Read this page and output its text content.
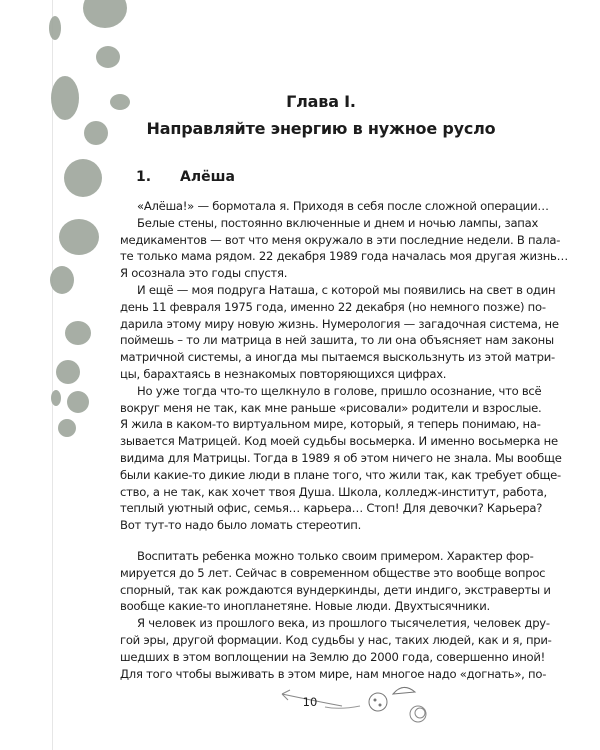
Глава I.
Направляйте энергию в нужное русло
1. Алёша
«Алёша!» — бормотала я. Приходя в себя после сложной операции…
Белые стены, постоянно включенные и днем и ночью лампы, запах
медикаментов — вот что меня окружало в эти последние недели. В пала-
те только мама рядом. 22 декабря 1989 года началась моя другая жизнь…
Я осознала это годы спустя.
И ещё — моя подруга Наташа, с которой мы появились на свет в один
день 11 февраля 1975 года, именно 22 декабря (но немного позже) по-
дарила этому миру новую жизнь. Нумерология — загадочная система, не
поймешь – то ли матрица в ней зашита, то ли она объясняет нам законы
матричной системы, а иногда мы пытаемся выскользнуть из этой матри-
цы, барахтаясь в незнакомых повторяющихся цифрах.
Но уже тогда что-то щелкнуло в голове, пришло осознание, что всё
вокруг меня не так, как мне раньше «рисовали» родители и взрослые.
Я жила в каком-то виртуальном мире, который, я теперь понимаю, на-
зывается Матрицей. Код моей судьбы восьмерка. И именно восьмерка не
видима для Матрицы. Тогда в 1989 я об этом ничего не знала. Мы вообще
были какие-то дикие люди в плане того, что жили так, как требует обще-
ство, а не так, как хочет твоя Душа. Школа, колледж-институт, работа,
теплый уютный офис, семья… карьера… Стоп! Для девочки? Карьера?
Вот тут-то надо было ломать стереотип.
Воспитать ребенка можно только своим примером. Характер фор-
мируется до 5 лет. Сейчас в современном обществе это вообще вопрос
спорный, так как рождаются вундеркинды, дети индиго, экстраверты и
вообще какие-то инопланетяне. Новые люди. Двухтысячники.
Я человек из прошлого века, из прошлого тысячелетия, человек дру-
гой эры, другой формации. Код судьбы у нас, таких людей, как и я, при-
шедших в этом воплощении на Землю до 2000 года, совершенно иной!
Для того чтобы выживать в этом мире, нам многое надо «догнать», по-
10
